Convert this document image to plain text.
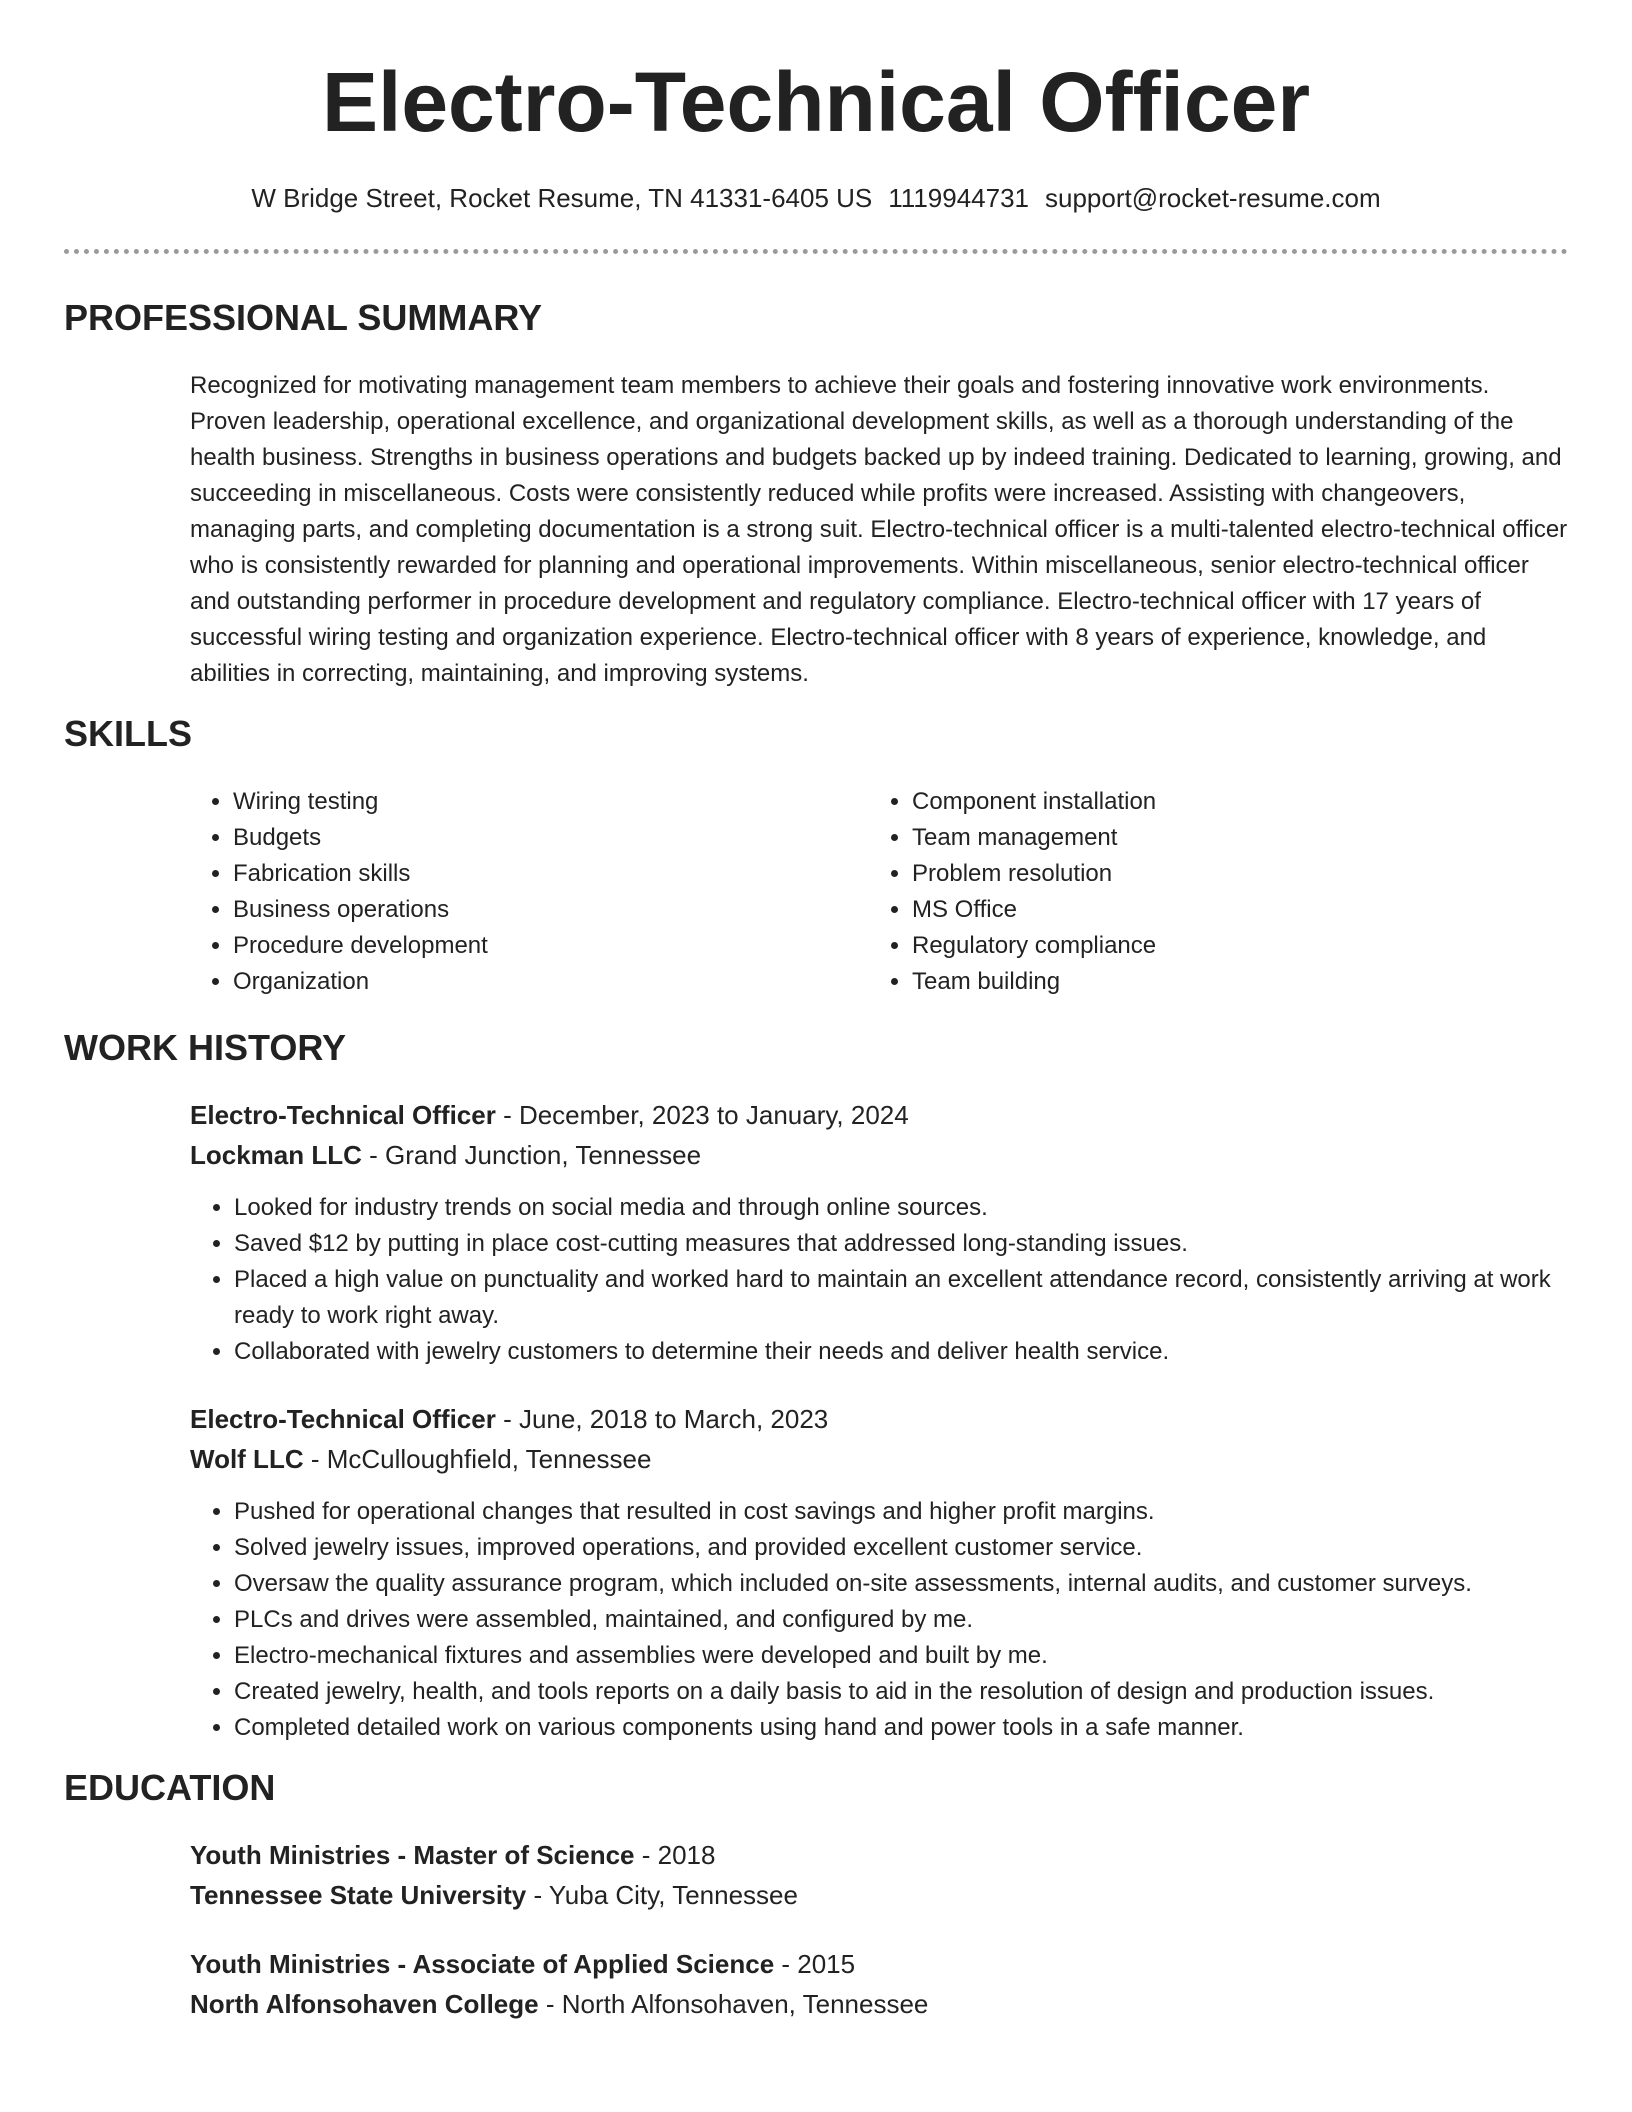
Electro-Technical Officer
W Bridge Street, Rocket Resume, TN 41331-6405 US 1119944731 support@rocket-resume.com
PROFESSIONAL SUMMARY

Recognized for motivating management team members to achieve their goals and fostering innovative work environments. Proven leadership, operational excellence, and organizational development skills, as well as a thorough understanding of the health business. Strengths in business operations and budgets backed up by indeed training. Dedicated to learning, growing, and succeeding in miscellaneous. Costs were consistently reduced while profits were increased. Assisting with changeovers, managing parts, and completing documentation is a strong suit. Electro-technical officer is a multi-talented electro-technical officer who is consistently rewarded for planning and operational improvements. Within miscellaneous, senior electro-technical officer and outstanding performer in procedure development and regulatory compliance. Electro-technical officer with 17 years of successful wiring testing and organization experience. Electro-technical officer with 8 years of experience, knowledge, and abilities in correcting, maintaining, and improving systems.

SKILLS
• Wiring testing
• Budgets
• Fabrication skills
• Business operations
• Procedure development
• Organization
• Component installation
• Team management
• Problem resolution
• MS Office
• Regulatory compliance
• Team building
WORK HISTORY
Electro-Technical Officer - December, 2023 to January, 2024
Lockman LLC - Grand Junction, Tennessee
• Looked for industry trends on social media and through online sources.
• Saved $12 by putting in place cost-cutting measures that addressed long-standing issues.
• Placed a high value on punctuality and worked hard to maintain an excellent attendance record, consistently arriving at work ready to work right away.
• Collaborated with jewelry customers to determine their needs and deliver health service.
Electro-Technical Officer - June, 2018 to March, 2023
Wolf LLC - McCulloughfield, Tennessee
• Pushed for operational changes that resulted in cost savings and higher profit margins.
• Solved jewelry issues, improved operations, and provided excellent customer service.
• Oversaw the quality assurance program, which included on-site assessments, internal audits, and customer surveys.
• PLCs and drives were assembled, maintained, and configured by me.
• Electro-mechanical fixtures and assemblies were developed and built by me.
• Created jewelry, health, and tools reports on a daily basis to aid in the resolution of design and production issues.
• Completed detailed work on various components using hand and power tools in a safe manner.
EDUCATION
Youth Ministries - Master of Science - 2018
Tennessee State University - Yuba City, Tennessee
Youth Ministries - Associate of Applied Science - 2015
North Alfonsohaven College - North Alfonsohaven, Tennessee
